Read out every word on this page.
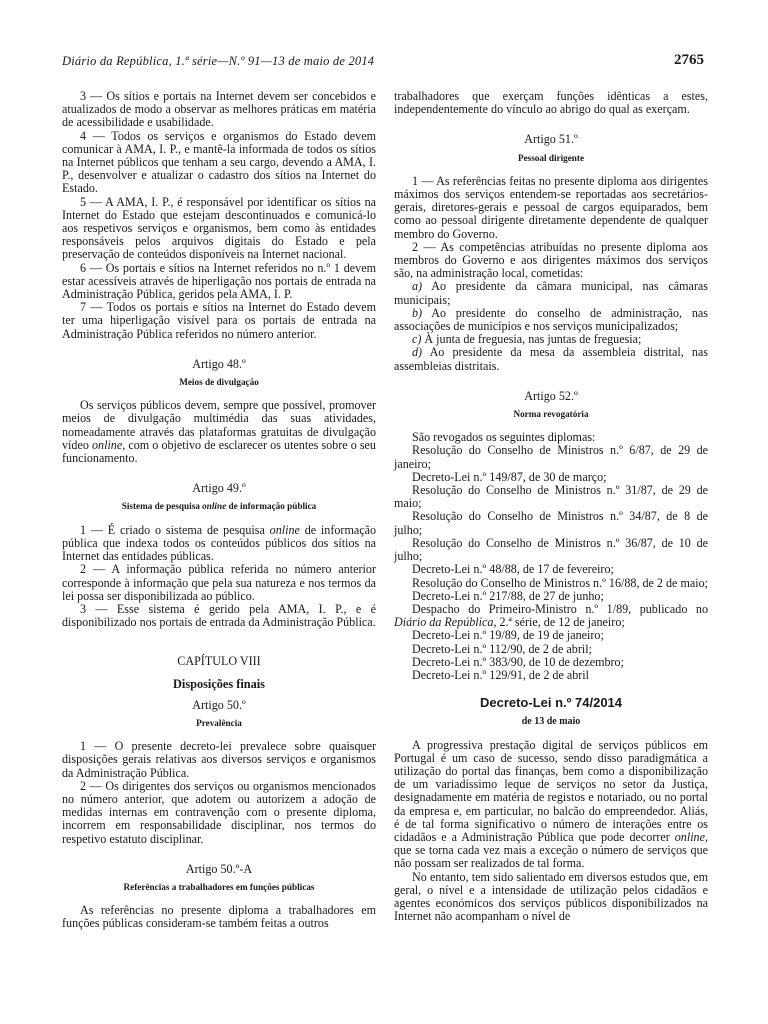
Diário da República, 1.ª série—N.º 91—13 de maio de 2014	2765

3 — Os sítios e portais na Internet devem ser concebidos e atualizados de modo a observar as melhores práticas em matéria de acessibilidade e usabilidade.

4 — Todos os serviços e organismos do Estado devem comunicar à AMA, I. P., e mantê-la informada de todos os sítios na Internet públicos que tenham a seu cargo, devendo a AMA, I. P., desenvolver e atualizar o cadastro dos sítios na Internet do Estado.

5 — A AMA, I. P., é responsável por identificar os sítios na Internet do Estado que estejam descontinuados e comunicá-lo aos respetivos serviços e organismos, bem como às entidades responsáveis pelos arquivos digitais do Estado e pela preservação de conteúdos disponíveis na Internet nacional.

6 — Os portais e sítios na Internet referidos no n.º 1 devem estar acessíveis através de hiperligação nos portais de entrada na Administração Pública, geridos pela AMA, I. P.

7 — Todos os portais e sítios na Internet do Estado devem ter uma hiperligação visível para os portais de entrada na Administração Pública referidos no número anterior.

Artigo 48.º
Meios de divulgação

Os serviços públicos devem, sempre que possível, promover meios de divulgação multimédia das suas atividades, nomeadamente através das plataformas gratuitas de divulgação vídeo online, com o objetivo de esclarecer os utentes sobre o seu funcionamento.

Artigo 49.º
Sistema de pesquisa online de informação pública

1 — É criado o sistema de pesquisa online de informação pública que indexa todos os conteúdos públicos dos sítios na Internet das entidades públicas.

2 — A informação pública referida no número anterior corresponde à informação que pela sua natureza e nos termos da lei possa ser disponibilizada ao público.

3 — Esse sistema é gerido pela AMA, I. P., e é disponibilizado nos portais de entrada da Administração Pública.

CAPÍTULO VIII
Disposições finais
Artigo 50.º
Prevalência

1 — O presente decreto-lei prevalece sobre quaisquer disposições gerais relativas aos diversos serviços e organismos da Administração Pública.

2 — Os dirigentes dos serviços ou organismos mencionados no número anterior, que adotem ou autorizem a adoção de medidas internas em contravenção com o presente diploma, incorrem em responsabilidade disciplinar, nos termos do respetivo estatuto disciplinar.

Artigo 50.º-A
Referências a trabalhadores em funções públicas

As referências no presente diploma a trabalhadores em funções públicas consideram-se também feitas a outros

trabalhadores que exerçam funções idênticas a estes, independentemente do vínculo ao abrigo do qual as exerçam.

Artigo 51.º
Pessoal dirigente

1 — As referências feitas no presente diploma aos dirigentes máximos dos serviços entendem-se reportadas aos secretários-gerais, diretores-gerais e pessoal de cargos equiparados, bem como ao pessoal dirigente diretamente dependente de qualquer membro do Governo.

2 — As competências atribuídas no presente diploma aos membros do Governo e aos dirigentes máximos dos serviços são, na administração local, cometidas:

a) Ao presidente da câmara municipal, nas câmaras municipais;

b) Ao presidente do conselho de administração, nas associações de municípios e nos serviços municipalizados;

c) À junta de freguesia, nas juntas de freguesia;

d) Ao presidente da mesa da assembleia distrital, nas assembleias distritais.

Artigo 52.º
Norma revogatória

São revogados os seguintes diplomas:

Resolução do Conselho de Ministros n.º 6/87, de 29 de janeiro;

Decreto-Lei n.º 149/87, de 30 de março;

Resolução do Conselho de Ministros n.º 31/87, de 29 de maio;

Resolução do Conselho de Ministros n.º 34/87, de 8 de julho;

Resolução do Conselho de Ministros n.º 36/87, de 10 de julho;

Decreto-Lei n.º 48/88, de 17 de fevereiro;

Resolução do Conselho de Ministros n.º 16/88, de 2 de maio;

Decreto-Lei n.º 217/88, de 27 de junho;

Despacho do Primeiro-Ministro n.º 1/89, publicado no Diário da República, 2.ª série, de 12 de janeiro;

Decreto-Lei n.º 19/89, de 19 de janeiro;

Decreto-Lei n.º 112/90, de 2 de abril;

Decreto-Lei n.º 383/90, de 10 de dezembro;

Decreto-Lei n.º 129/91, de 2 de abril

Decreto-Lei n.º 74/2014
de 13 de maio

A progressiva prestação digital de serviços públicos em Portugal é um caso de sucesso, sendo disso paradigmática a utilização do portal das finanças, bem como a disponibilização de um variadíssimo leque de serviços no setor da Justiça, designadamente em matéria de registos e notariado, ou no portal da empresa e, em particular, no balcão do empreendedor. Aliás, é de tal forma significativo o número de interações entre os cidadãos e a Administração Pública que pode decorrer online, que se torna cada vez mais a exceção o número de serviços que não possam ser realizados de tal forma.

No entanto, tem sido salientado em diversos estudos que, em geral, o nível e a intensidade de utilização pelos cidadãos e agentes económicos dos serviços públicos disponibilizados na Internet não acompanham o nível de
